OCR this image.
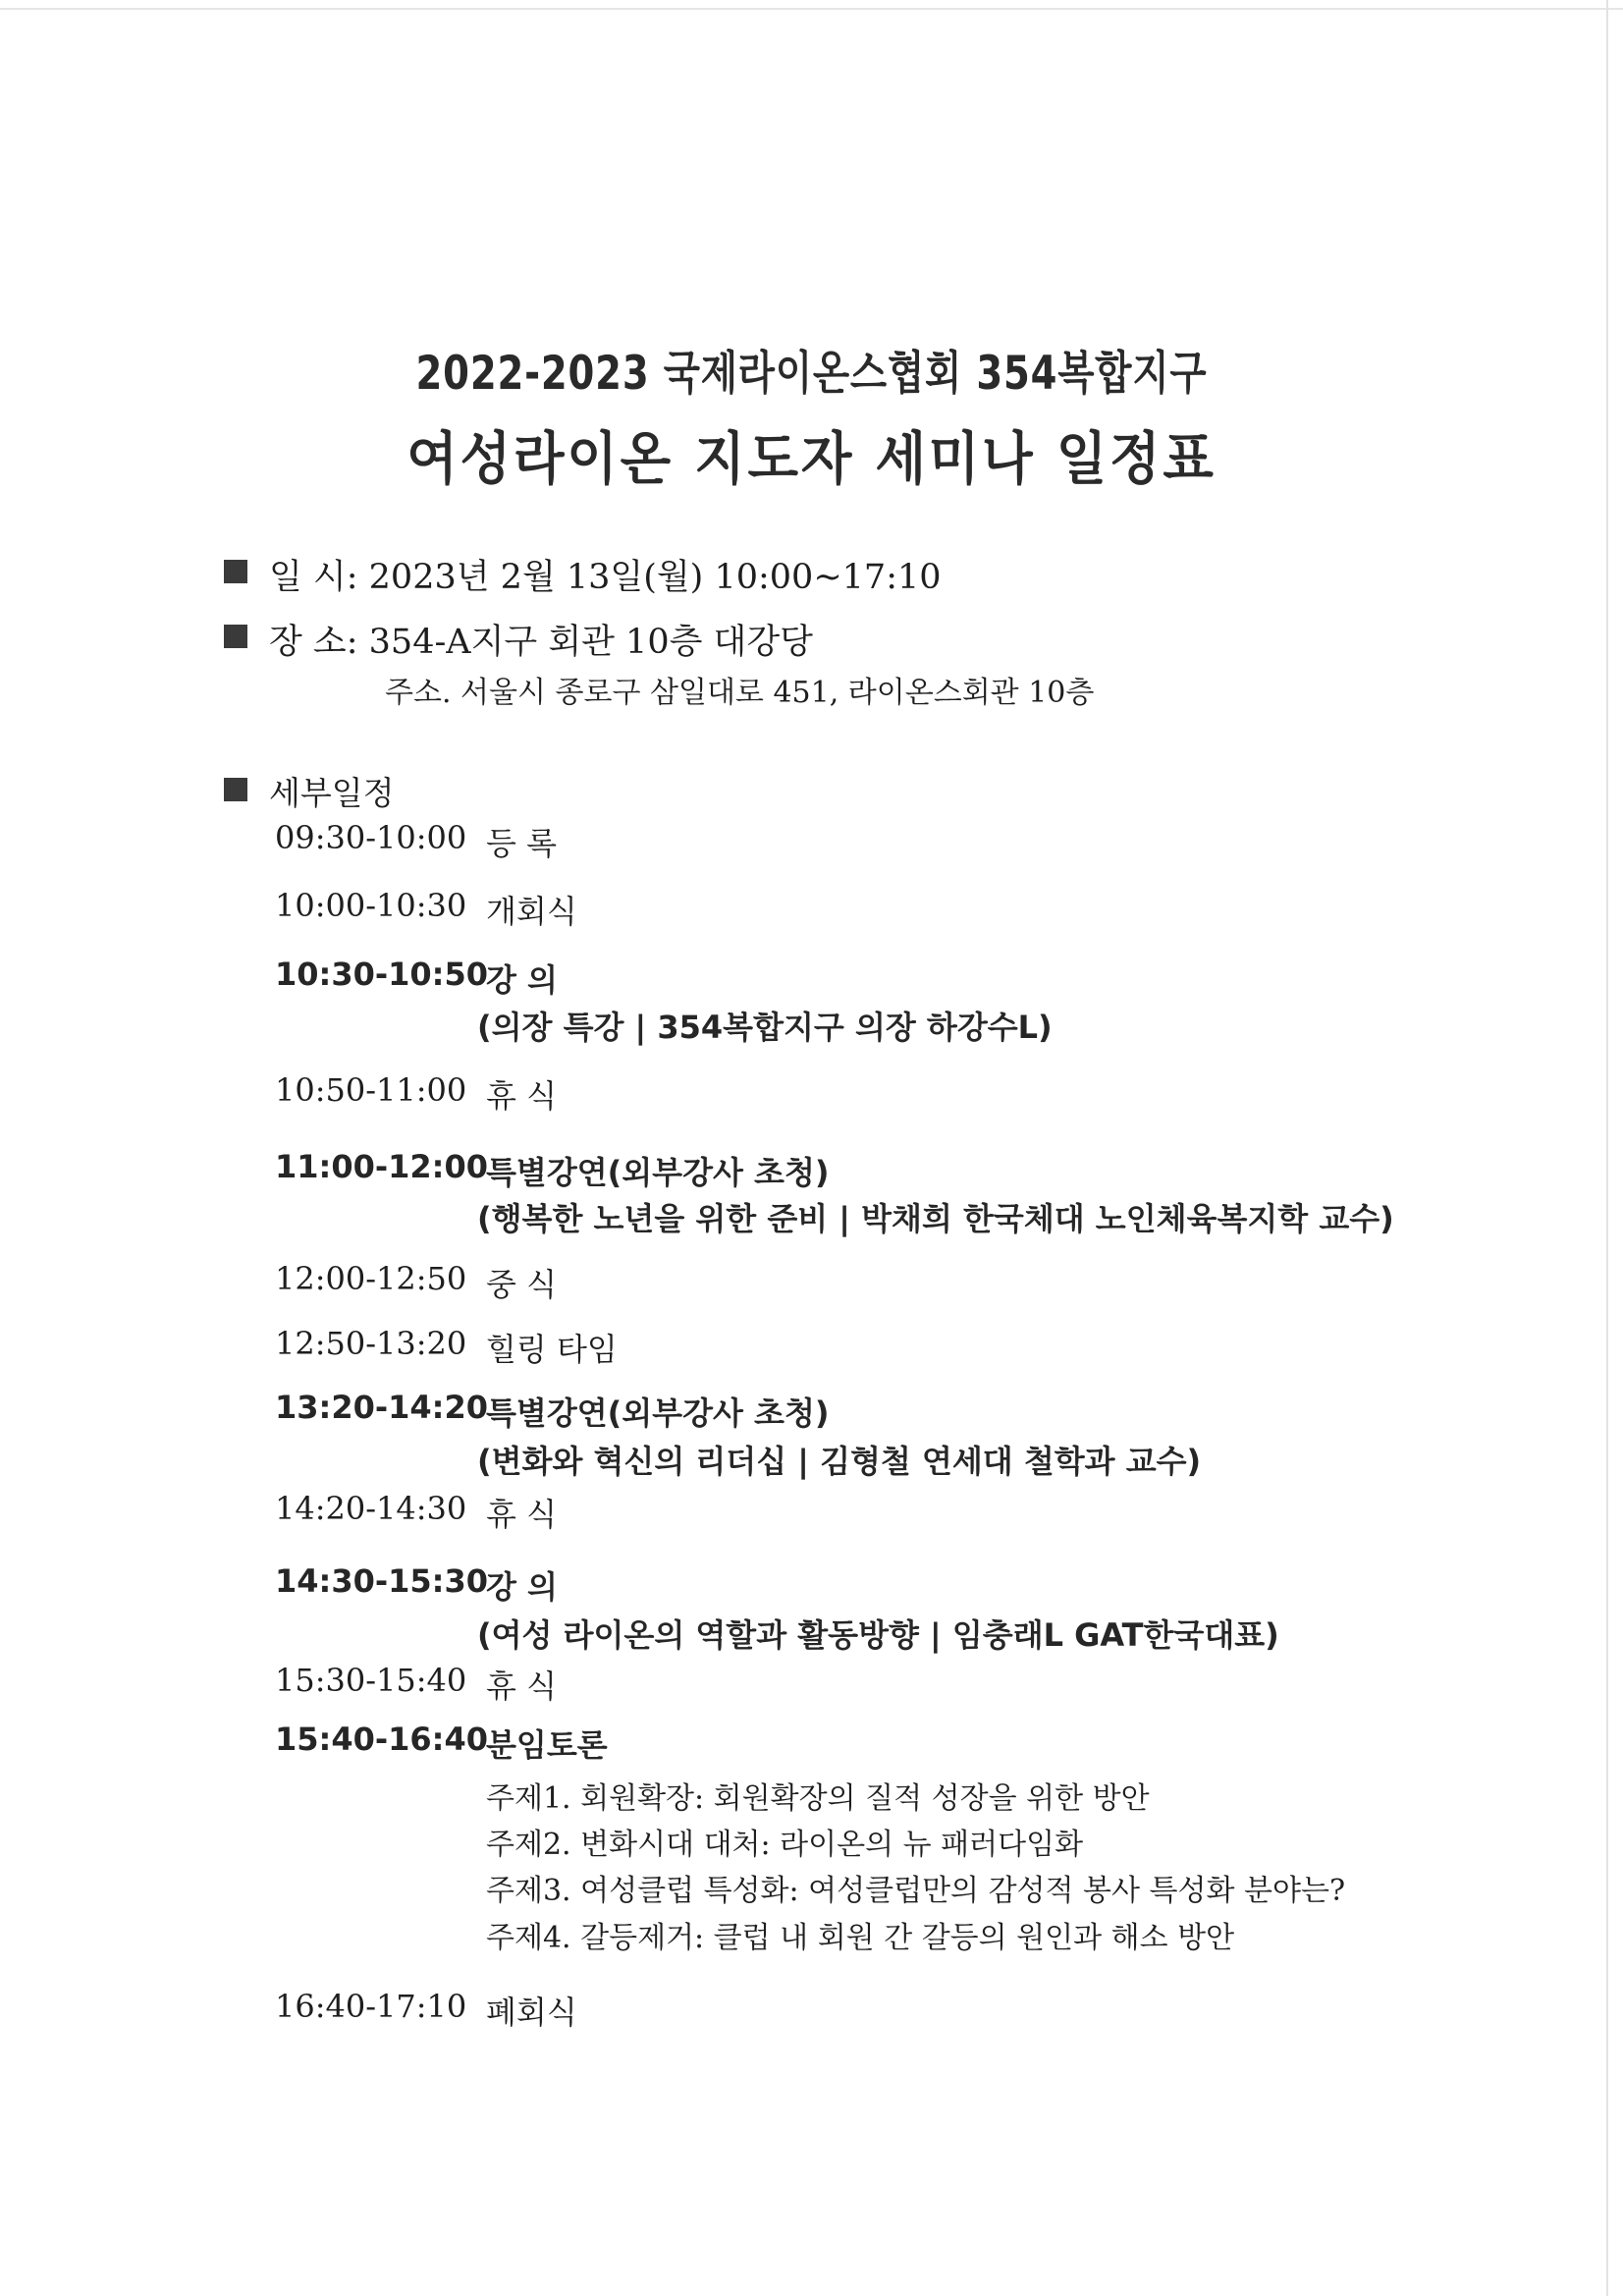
2022-2023 국제라이온스협회 354복합지구
여성라이온 지도자 세미나 일정표
일 시: 2023년 2월 13일(월) 10:00~17:10
장 소: 354-A지구 회관 10층 대강당
주소. 서울시 종로구 삼일대로 451, 라이온스회관 10층
세부일정
09:30-10:00 등 록
10:00-10:30 개회식
10:30-10:50
강 의
(의장 특강 | 354복합지구 의장 하강수L)
10:50-11:00 휴 식
11:00-12:00
특별강연(외부강사 초청)
(행복한 노년을 위한 준비 | 박채희 한국체대 노인체육복지학 교수)
12:00-12:50 중 식
12:50-13:20 힐링 타임
13:20-14:20
특별강연(외부강사 초청)
(변화와 혁신의 리더십 | 김형철 연세대 철학과 교수)
14:20-14:30 휴 식
14:30-15:30
강 의
(여성 라이온의 역할과 활동방향 | 임충래L GAT한국대표)
15:30-15:40 휴 식
15:40-16:40
분임토론
주제1. 회원확장: 회원확장의 질적 성장을 위한 방안
주제2. 변화시대 대처: 라이온의 뉴 패러다임화
주제3. 여성클럽 특성화: 여성클럽만의 감성적 봉사 특성화 분야는?
주제4. 갈등제거: 클럽 내 회원 간 갈등의 원인과 해소 방안
16:40-17:10 폐회식
